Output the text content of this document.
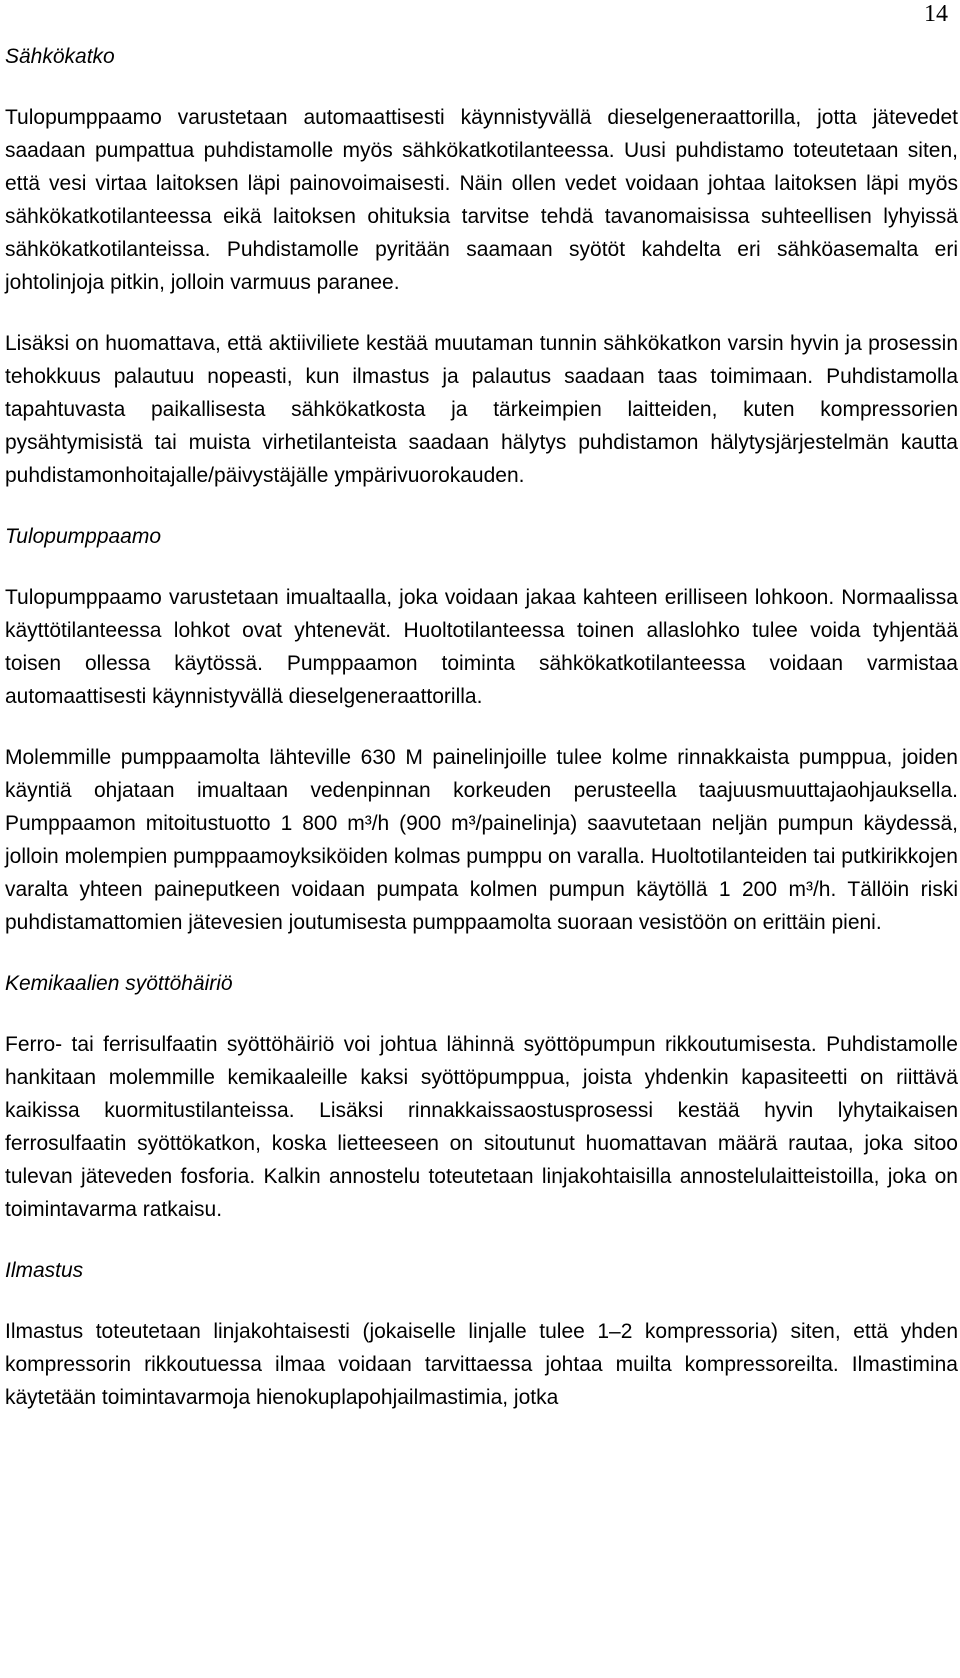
14
Sähkökatko

Tulopumppaamo varustetaan automaattisesti käynnistyvällä dieselgeneraattorilla, jotta jätevedet saadaan pumpattua puhdistamolle myös sähkökatkotilanteessa. Uusi puhdistamo toteutetaan siten, että vesi virtaa laitoksen läpi painovoimaisesti. Näin ollen vedet voidaan johtaa laitoksen läpi myös sähkökatkotilanteessa eikä laitoksen ohituksia tarvitse tehdä tavanomaisissa suhteellisen lyhyissä sähkökatkotilanteissa. Puhdistamolle pyritään saamaan syötöt kahdelta eri sähköasemalta eri johtolinjoja pitkin, jolloin varmuus paranee.

Lisäksi on huomattava, että aktiiviliete kestää muutaman tunnin sähkökatkon varsin hyvin ja prosessin tehokkuus palautuu nopeasti, kun ilmastus ja palautus saadaan taas toimimaan. Puhdistamolla tapahtuvasta paikallisesta sähkökatkosta ja tärkeimpien laitteiden, kuten kompressorien pysähtymisistä tai muista virhetilanteista saadaan hälytys puhdistamon hälytysjärjestelmän kautta puhdistamonhoitajalle/päivystäjälle ympärivuorokauden.

Tulopumppaamo

Tulopumppaamo varustetaan imualtaalla, joka voidaan jakaa kahteen erilliseen lohkoon. Normaalissa käyttötilanteessa lohkot ovat yhtenevät. Huoltotilanteessa toinen allaslohko tulee voida tyhjentää toisen ollessa käytössä. Pumppaamon toiminta sähkökatkotilanteessa voidaan varmistaa automaattisesti käynnistyvällä dieselgeneraattorilla.

Molemmille pumppaamolta lähteville 630 M painelinjoille tulee kolme rinnakkaista pumppua, joiden käyntiä ohjataan imualtaan vedenpinnan korkeuden perusteella taajuusmuuttajaohjauksella. Pumppaamon mitoitustuotto 1 800 m³/h (900 m³/painelinja) saavutetaan neljän pumpun käydessä, jolloin molempien pumppaamoyksiköiden kolmas pumppu on varalla. Huoltotilanteiden tai putkirikkojen varalta yhteen paineputkeen voidaan pumpata kolmen pumpun käytöllä 1 200 m³/h. Tällöin riski puhdistamattomien jätevesien joutumisesta pumppaamolta suoraan vesistöön on erittäin pieni.

Kemikaalien syöttöhäiriö

Ferro- tai ferrisulfaatin syöttöhäiriö voi johtua lähinnä syöttöpumpun rikkoutumisesta. Puhdistamolle hankitaan molemmille kemikaaleille kaksi syöttöpumppua, joista yhdenkin kapasiteetti on riittävä kaikissa kuormitustilanteissa. Lisäksi rinnakkaissaostusprosessi kestää hyvin lyhytaikaisen ferrosulfaatin syöttökatkon, koska lietteeseen on sitoutunut huomattavan määrä rautaa, joka sitoo tulevan jäteveden fosforia. Kalkin annostelu toteutetaan linjakohtaisilla annostelulaitteistoilla, joka on toimintavarma ratkaisu.

Ilmastus

Ilmastus toteutetaan linjakohtaisesti (jokaiselle linjalle tulee 1–2 kompressoria) siten, että yhden kompressorin rikkoutuessa ilmaa voidaan tarvittaessa johtaa muilta kompressoreilta. Ilmastimina käytetään toimintavarmoja hienokuplapohjailmastimia, jotka
